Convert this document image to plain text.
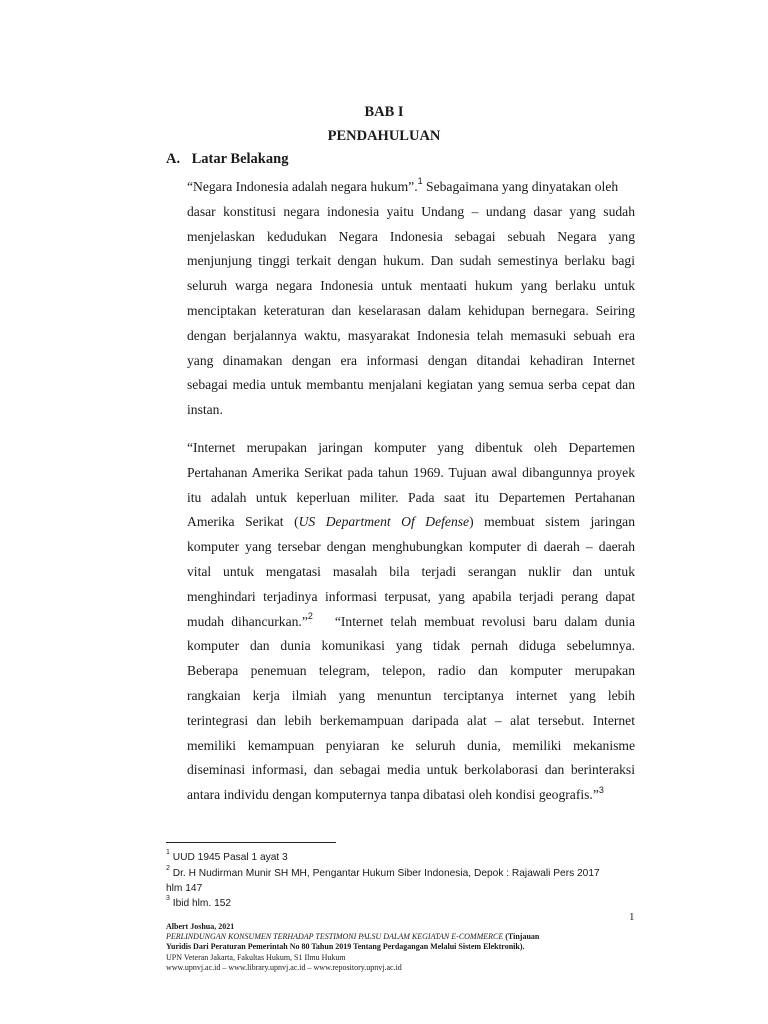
BAB I
PENDAHULUAN
A. Latar Belakang
“Negara Indonesia adalah negara hukum”.$^1$ Sebagaimana yang dinyatakan oleh
dasar konstitusi negara indonesia yaitu Undang – undang dasar yang sudah
menjelaskan kedudukan Negara Indonesia sebagai sebuah Negara yang
menjunjung tinggi terkait dengan hukum. Dan sudah semestinya berlaku bagi
seluruh warga negara Indonesia untuk mentaati hukum yang berlaku untuk
menciptakan keteraturan dan keselarasan dalam kehidupan bernegara. Seiring
dengan berjalannya waktu, masyarakat Indonesia telah memasuki sebuah era
yang dinamakan dengan era informasi dengan ditandai kehadiran Internet
sebagai media untuk membantu menjalani kegiatan yang semua serba cepat dan
instan.
“Internet merupakan jaringan komputer yang dibentuk oleh Departemen
Pertahanan Amerika Serikat pada tahun 1969. Tujuan awal dibangunnya proyek
itu adalah untuk keperluan militer. Pada saat itu Departemen Pertahanan
Amerika Serikat (US Department Of Defense) membuat sistem jaringan
komputer yang tersebar dengan menghubungkan komputer di daerah – daerah
vital untuk mengatasi masalah bila terjadi serangan nuklir dan untuk
menghindari terjadinya informasi terpusat, yang apabila terjadi perang dapat
mudah dihancurkan.”$^2$ “Internet telah membuat revolusi baru dalam dunia
komputer dan dunia komunikasi yang tidak pernah diduga sebelumnya.
Beberapa penemuan telegram, telepon, radio dan komputer merupakan
rangkaian kerja ilmiah yang menuntun terciptanya internet yang lebih
terintegrasi dan lebih berkemampuan daripada alat – alat tersebut. Internet
memiliki kemampuan penyiaran ke seluruh dunia, memiliki mekanisme
diseminasi informasi, dan sebagai media untuk berkolaborasi dan berinteraksi
antara individu dengan komputernya tanpa dibatasi oleh kondisi geografis.”$^3$
$^1$ UUD 1945 Pasal 1 ayat 3
$^2$ Dr. H Nudirman Munir SH MH, Pengantar Hukum Siber Indonesia, Depok : Rajawali Pers 2017
hlm 147
$^3$ Ibid hlm. 152
1
Albert Joshua, 2021
PERLINDUNGAN KONSUMEN TERHADAP TESTIMONI PALSU DALAM KEGIATAN E-COMMERCE (Tinjauan
Yuridis Dari Peraturan Pemerintah No 80 Tahun 2019 Tentang Perdagangan Melalui Sistem Elektronik).
UPN Veteran Jakarta, Fakultas Hukum, S1 Ilmu Hukum
www.upnvj.ac.id – www.library.upnvj.ac.id – www.repository.upnvj.ac.id
